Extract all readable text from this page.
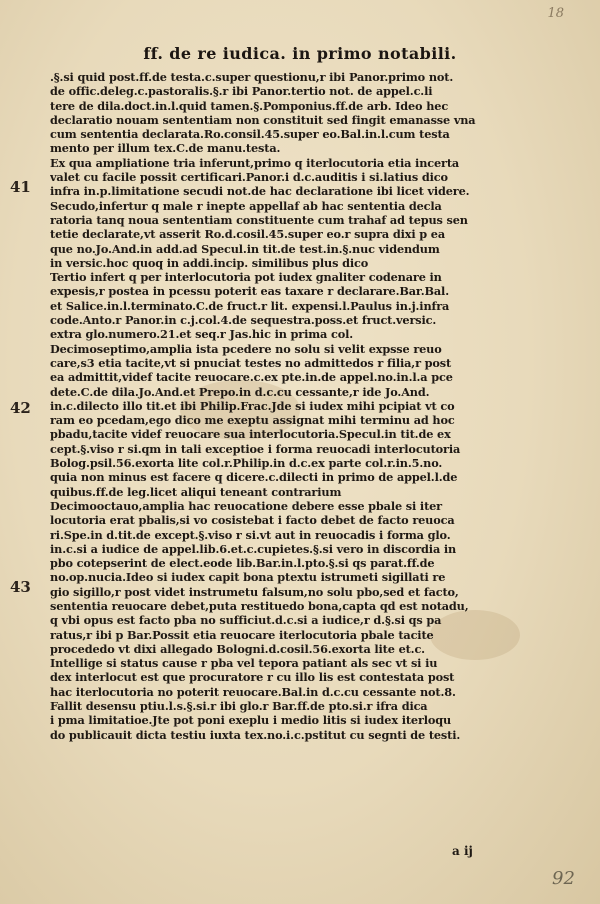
18
ff. de re iudica. in primo notabili.
41
42
43
.§.si quid post.ff.de testa.c.super questionu,r ibi Panor.primo not.
de offic.deleg.c.pastoralis.§.r ibi Panor.tertio not. de appel.c.li
tere de dila.doct.in.l.quid tamen.§.Pomponius.ff.de arb. Ideo hec
declaratio nouam sententiam non constituit sed fingit emanasse vna
cum sententia declarata.Ro.consil.45.super eo.Bal.in.l.cum testa
mento per illum tex.C.de manu.testa.
Ex qua ampliatione tria inferunt,primo q iterlocutoria etia incerta
valet cu facile possit certificari.Panor.i d.c.auditis i si.latius dico
infra in.p.limitatione secudi not.de hac declaratione ibi licet videre.
Secudo,infertur q male r inepte appellaf ab hac sententia decla
ratoria tanq noua sententiam constituente cum trahaf ad tepus sen
tetie declarate,vt asserit Ro.d.cosil.45.super eo.r supra dixi p ea
que no.Jo.And.in add.ad Specul.in tit.de test.in.§.nuc videndum
in versic.hoc quoq in addi.incip. similibus plus dico
Tertio infert q per interlocutoria pot iudex gnaliter codenare in
expesis,r postea in pcessu poterit eas taxare r declarare.Bar.Bal.
et Salice.in.l.terminato.C.de fruct.r lit. expensi.l.Paulus in.j.infra
code.Anto.r Panor.in c.j.col.4.de sequestra.poss.et fruct.versic.
extra glo.numero.21.et seq.r Jas.hic in prima col.
Decimoseptimo,amplia ista pcedere no solu si velit expsse reuo
care,s3 etia tacite,vt si pnuciat testes no admittedos r filia,r post
ea admittit,videf tacite reuocare.c.ex pte.in.de appel.no.in.l.a pce
dete.C.de dila.Jo.And.et Prepo.in d.c.cu cessante,r ide Jo.And.
in.c.dilecto illo tit.et ibi Philip.Frac.Jde si iudex mihi pcipiat vt co
ram eo pcedam,ego dico me exeptu assignat mihi terminu ad hoc
pbadu,tacite videf reuocare sua interlocutoria.Specul.in tit.de ex
cept.§.viso r si.qm in tali exceptioe i forma reuocadi interlocutoria
Bolog.psil.56.exorta lite col.r.Philip.in d.c.ex parte col.r.in.5.no.
quia non minus est facere q dicere.c.dilecti in primo de appel.l.de
quibus.ff.de leg.licet aliqui teneant contrarium
Decimooctauo,amplia hac reuocatione debere esse pbale si iter
locutoria erat pbalis,si vo cosistebat i facto debet de facto reuoca
ri.Spe.in d.tit.de except.§.viso r si.vt aut in reuocadis i forma glo.
in.c.si a iudice de appel.lib.6.et.c.cupietes.§.si vero in discordia in
pbo cotepserint de elect.eode lib.Bar.in.l.pto.§.si qs parat.ff.de
no.op.nucia.Ideo si iudex capit bona ptextu istrumeti sigillati re
gio sigillo,r post videt instrumetu falsum,no solu pbo,sed et facto,
sententia reuocare debet,puta restituedo bona,capta qd est notadu,
q vbi opus est facto pba no sufficiut.d.c.si a iudice,r d.§.si qs pa
ratus,r ibi p Bar.Possit etia reuocare iterlocutoria pbale tacite
procededo vt dixi allegado Bologni.d.cosil.56.exorta lite et.c.
Intellige si status cause r pba vel tepora patiant als sec vt si iu
dex interlocut est que procuratore r cu illo lis est contestata post
hac iterlocutoria no poterit reuocare.Bal.in d.c.cu cessante not.8.
Fallit desensu ptiu.l.s.§.si.r ibi glo.r Bar.ff.de pto.si.r ifra dica
i pma limitatioe.Jte pot poni exeplu i medio litis si iudex iterloqu
do publicauit dicta testiu iuxta tex.no.i.c.pstitut cu segnti de testi.
a ij
92
